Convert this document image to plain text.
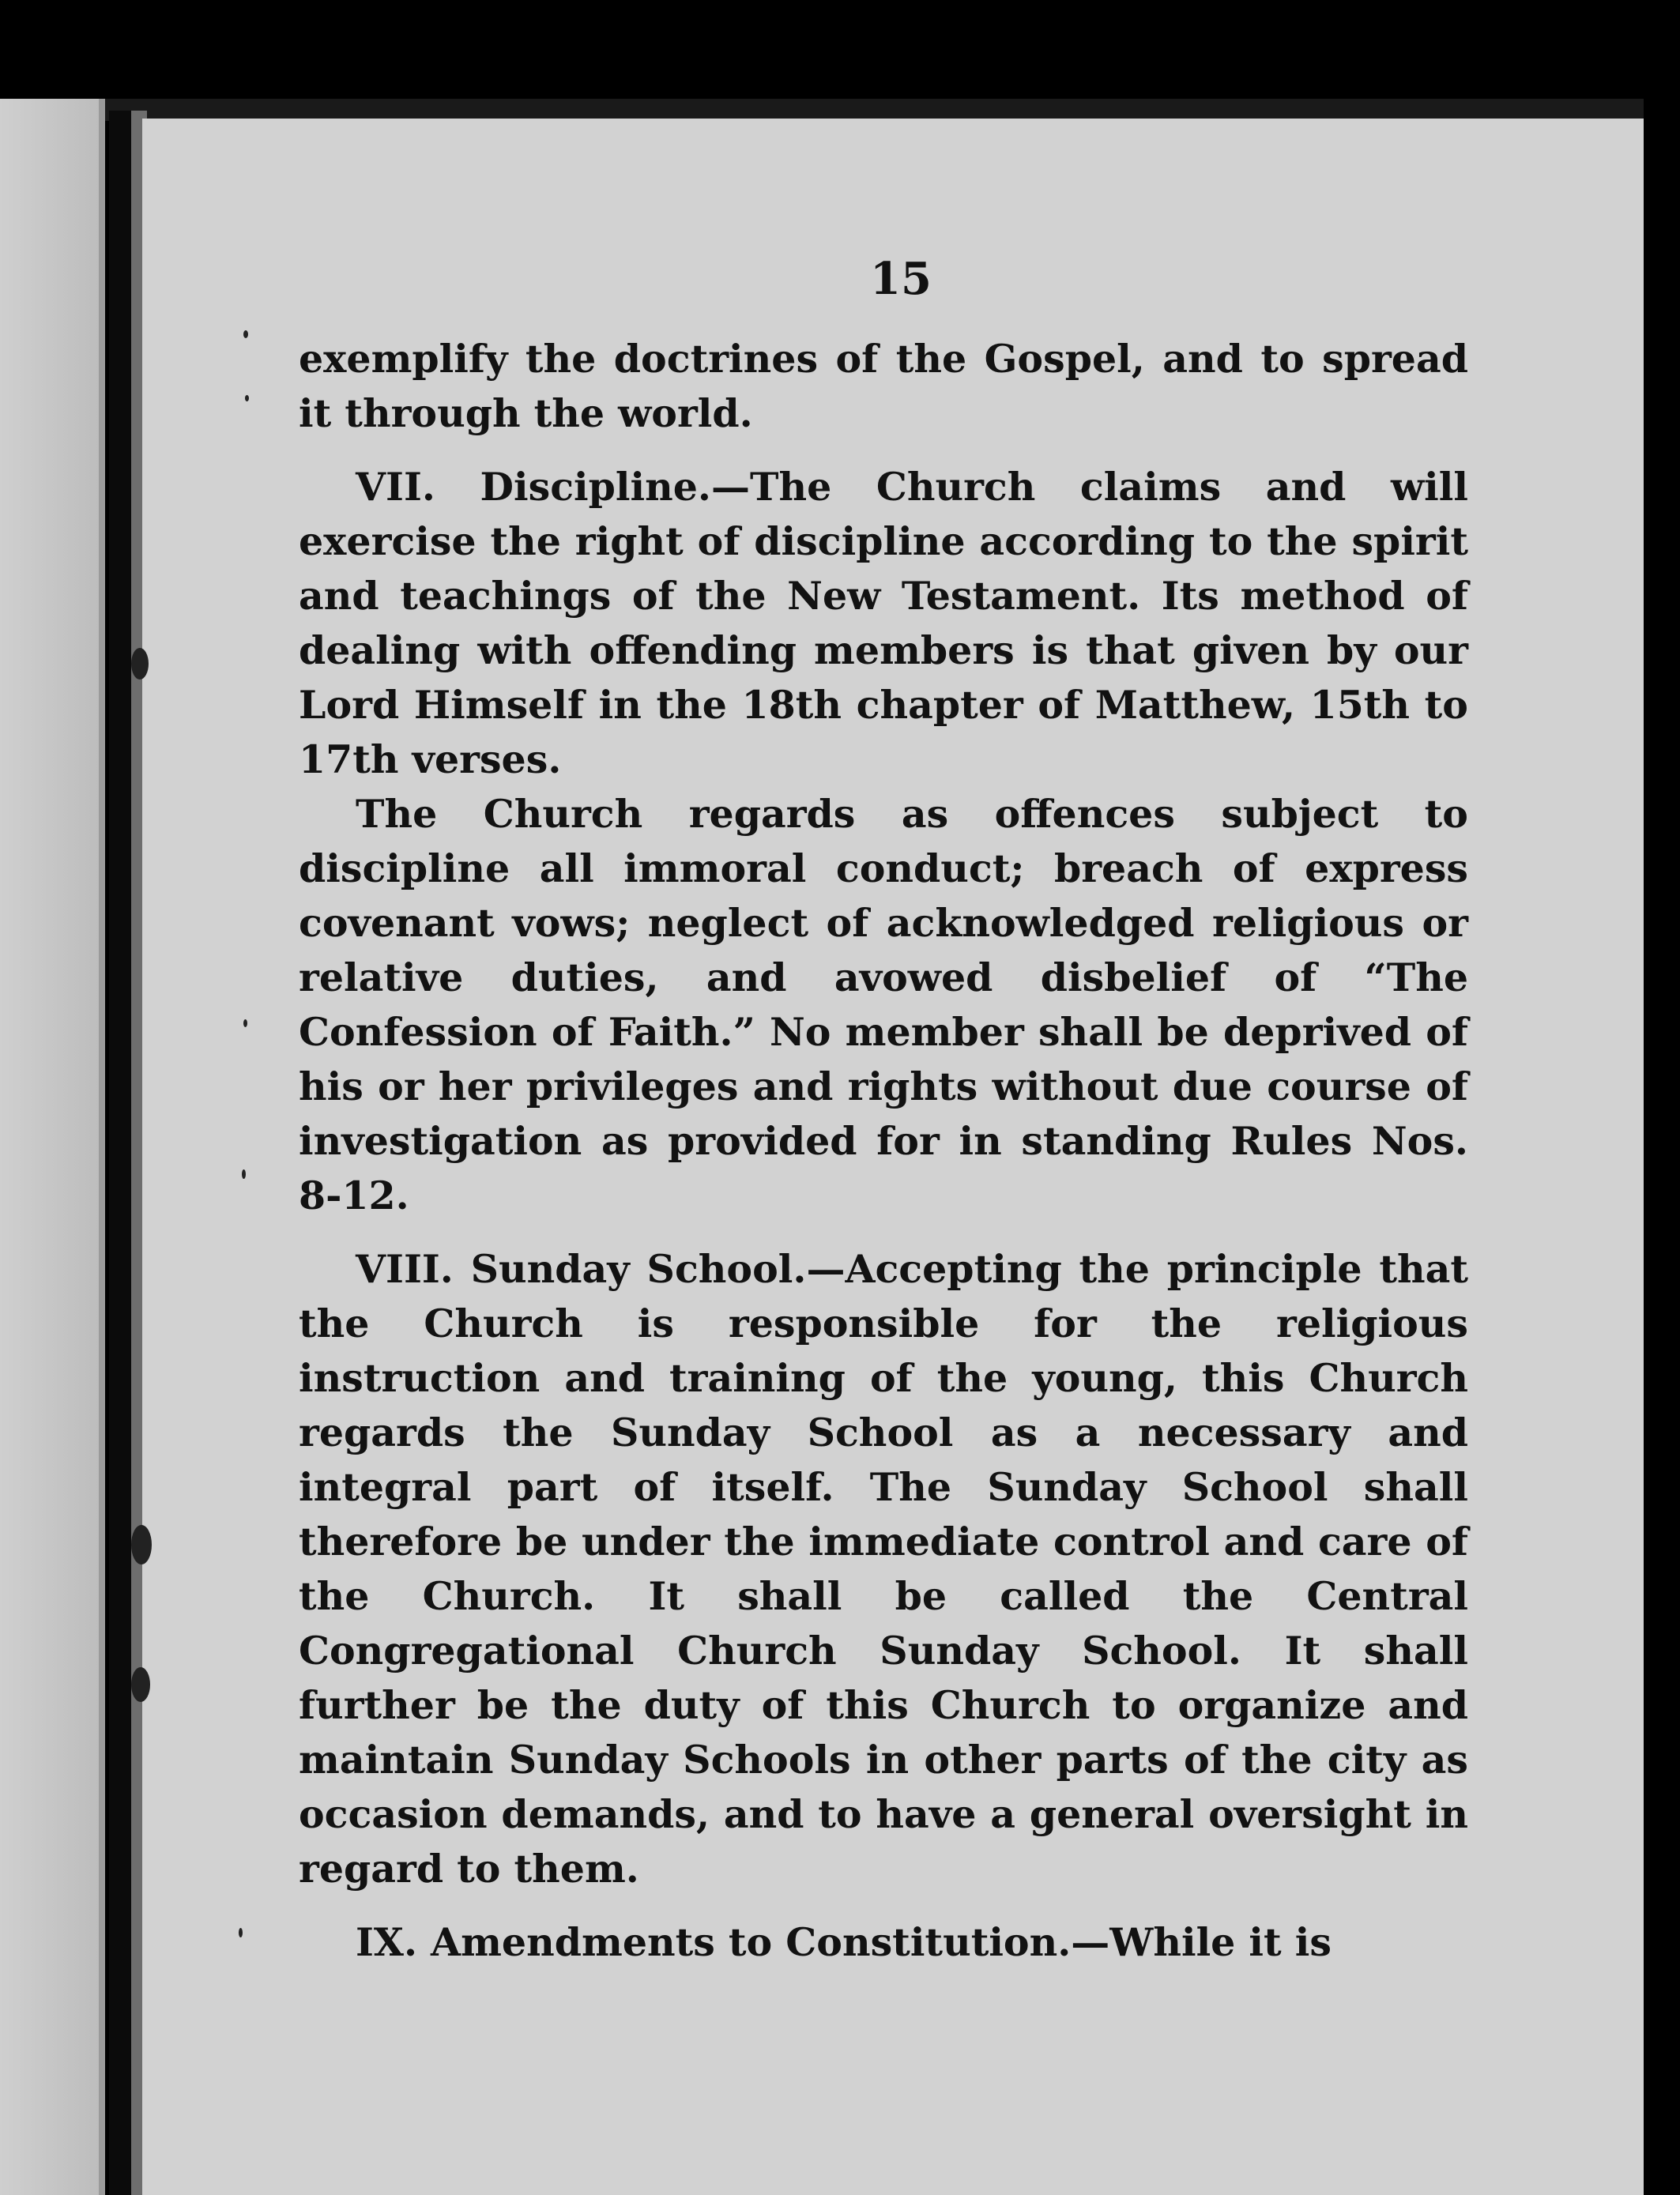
15

exemplify the doctrines of the Gospel, and to spread it through the world.

VII. Discipline.—The Church claims and will exercise the right of discipline according to the spirit and teachings of the New Testament. Its method of dealing with offending members is that given by our Lord Himself in the 18th chapter of Matthew, 15th to 17th verses.

The Church regards as offences subject to discipline all immoral conduct; breach of express covenant vows; neglect of acknowledged religious or relative duties, and avowed disbelief of “The Confession of Faith.” No member shall be deprived of his or her privileges and rights without due course of investigation as provided for in standing Rules Nos. 8-12.

VIII. Sunday School.—Accepting the principle that the Church is responsible for the religious instruction and training of the young, this Church regards the Sunday School as a necessary and integral part of itself. The Sunday School shall therefore be under the immediate control and care of the Church. It shall be called the Central Congregational Church Sunday School. It shall further be the duty of this Church to organize and maintain Sunday Schools in other parts of the city as occasion demands, and to have a general oversight in regard to them.

IX. Amendments to Constitution.—While it is
